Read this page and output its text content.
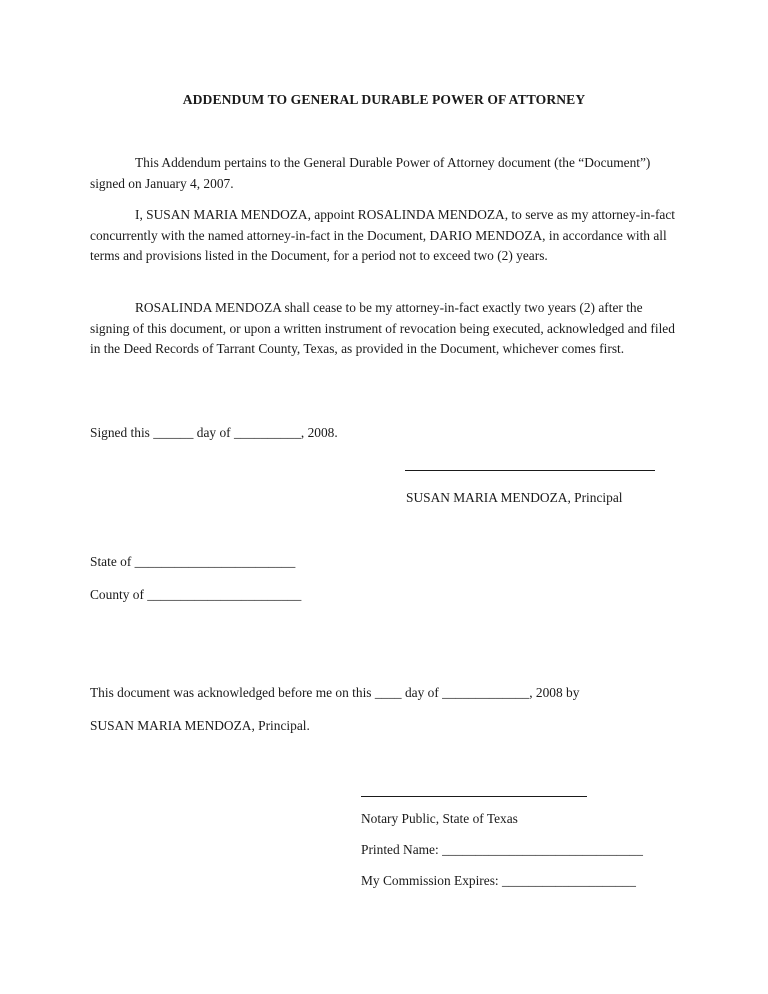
ADDENDUM TO GENERAL DURABLE POWER OF ATTORNEY

This Addendum pertains to the General Durable Power of Attorney document (the “Document”) signed on January 4, 2007.

I, SUSAN MARIA MENDOZA, appoint ROSALINDA MENDOZA, to serve as my attorney-in-fact concurrently with the named attorney-in-fact in the Document, DARIO MENDOZA, in accordance with all terms and provisions listed in the Document, for a period not to exceed two (2) years.

ROSALINDA MENDOZA shall cease to be my attorney-in-fact exactly two years (2) after the signing of this document, or upon a written instrument of revocation being executed, acknowledged and filed in the Deed Records of Tarrant County, Texas, as provided in the Document, whichever comes first.

Signed this ______ day of __________, 2008.
SUSAN MARIA MENDOZA, Principal
State of ________________________
County of _______________________
This document was acknowledged before me on this ____ day of _____________, 2008 by
SUSAN MARIA MENDOZA, Principal.
Notary Public, State of Texas
Printed Name: ______________________________
My Commission Expires: ____________________
